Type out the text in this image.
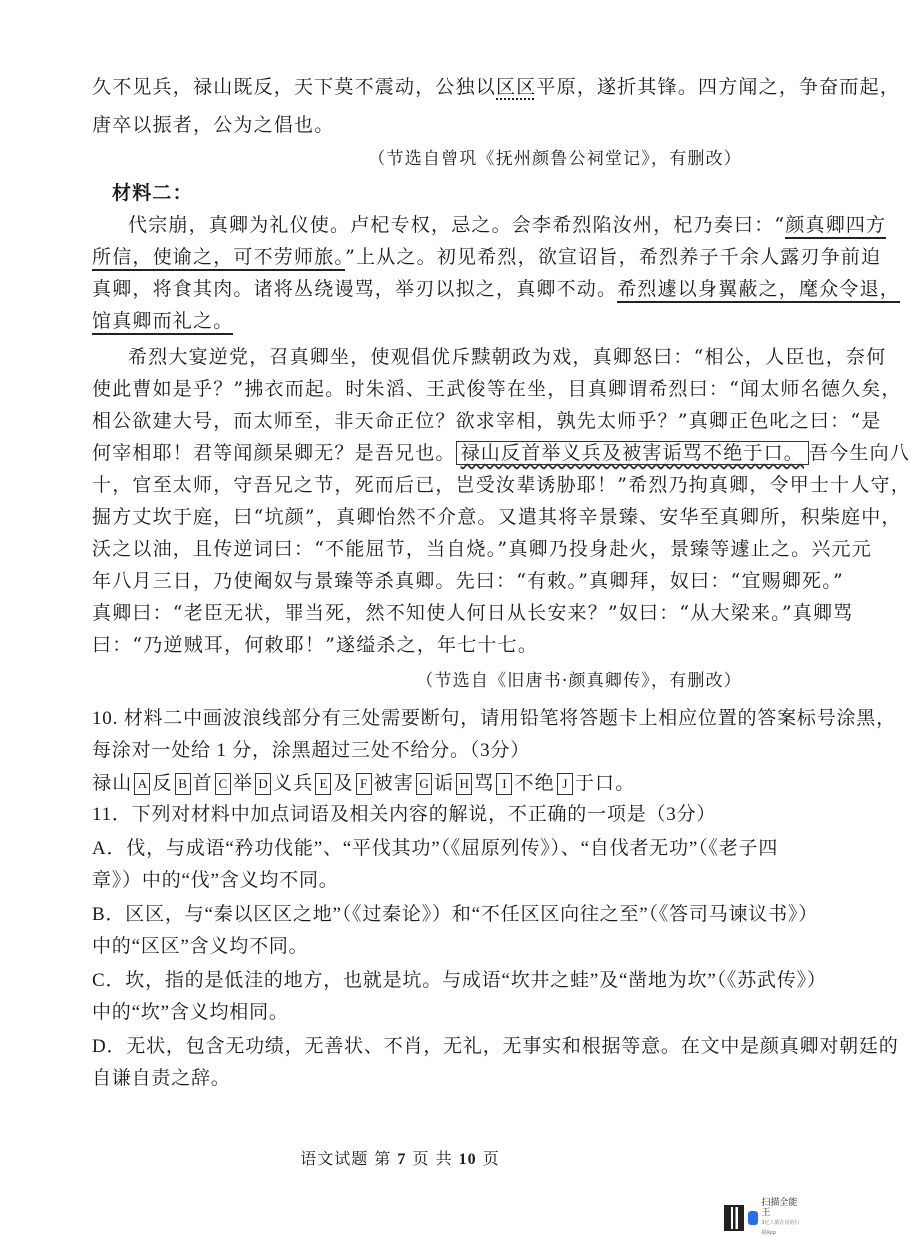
久不见兵，禄山既反，天下莫不震动，公独以区区平原，遂折其锋。四方闻之，争奋而起，
唐卒以振者，公为之倡也。
（节选自曾巩《抚州颜鲁公祠堂记》，有删改）
材料二：
代宗崩，真卿为礼仪使。卢杞专权，忌之。会李希烈陷汝州，杞乃奏曰：“颜真卿四方
所信，使谕之，可不劳师旅。”上从之。初见希烈，欲宣诏旨，希烈养子千余人露刃争前迫
真卿，将食其肉。诸将丛绕谩骂，举刃以拟之，真卿不动。希烈遽以身翼蔽之，麾众令退，
馆真卿而礼之。
希烈大宴逆党，召真卿坐，使观倡优斥黩朝政为戏，真卿怒曰：“相公，人臣也，奈何
使此曹如是乎？”拂衣而起。时朱滔、王武俊等在坐，目真卿谓希烈曰：“闻太师名德久矣，
相公欲建大号，而太师至，非天命正位？欲求宰相，孰先太师乎？”真卿正色叱之曰：“是
何宰相耶！君等闻颜杲卿无？是吾兄也。 禄山反首举义兵及被害诟骂不绝于口。 吾今生向八
十，官至太师，守吾兄之节，死而后已，岂受汝辈诱胁耶！”希烈乃拘真卿，令甲士十人守，
掘方丈坎于庭，曰“坑颜”，真卿怡然不介意。又遣其将辛景臻、安华至真卿所，积柴庭中，
沃之以油，且传逆词曰：“不能屈节，当自烧。”真卿乃投身赴火，景臻等遽止之。兴元元
年八月三日，乃使阉奴与景臻等杀真卿。先曰：“有敕。”真卿拜，奴曰：“宜赐卿死。”
真卿曰：“老臣无状，罪当死，然不知使人何日从长安来？”奴曰：“从大梁来。”真卿骂
曰：“乃逆贼耳，何敕耶！”遂缢杀之，年七十七。
（节选自《旧唐书·颜真卿传》，有删改）
10. 材料二中画波浪线部分有三处需要断句，请用铅笔将答题卡上相应位置的答案标号涂黑，
每涂对一处给 1 分，涂黑超过三处不给分。（3分）
禄山 A 反 B 首 C 举 D 义兵 E 及 F 被害 G 诟 H 骂 I 不绝 J 于口。
11．下列对材料中加点词语及相关内容的解说，不正确的一项是（3分）
A．伐，与成语“矜功伐能”、“平伐其功”（《屈原列传》）、“自伐者无功”（《老子四
章》）中的“伐”含义均不同。
B．区区，与“秦以区区之地”（《过秦论》）和“不任区区向往之至”（《答司马谏议书》）
中的“区区”含义均不同。
C．坎，指的是低洼的地方，也就是坑。与成语“坎井之蛙”及“凿地为坎”（《苏武传》）
中的“坎”含义均相同。
D．无状，包含无功绩，无善状、不肖，无礼，无事实和根据等意。在文中是颜真卿对朝廷的
自谦自责之辞。
语文试题 第 7 页 共 10 页
扫描全能王
3亿人都在用的扫描App
